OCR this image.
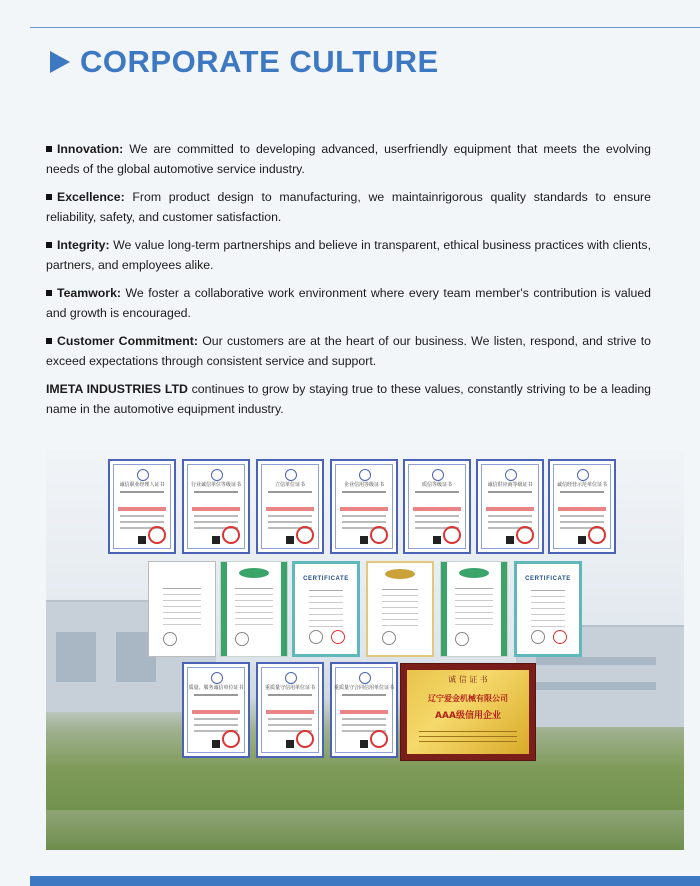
CORPORATE CULTURE

Innovation: We are committed to developing advanced, userfriendly equipment that meets the evolving needs of the global automotive service industry.

Excellence: From product design to manufacturing, we maintainrigorous quality standards to ensure reliability, safety, and customer satisfaction.

Integrity: We value long-term partnerships and believe in transparent, ethical business practices with clients, partners, and employees alike.

Teamwork: We foster a collaborative work environment where every team member's contribution is valued and growth is encouraged.

Customer Commitment: Our customers are at the heart of our business. We listen, respond, and strive to exceed expectations through consistent service and support.

IMETA INDUSTRIES LTD continues to grow by staying true to these values, constantly striving to be a leading name in the automotive equipment industry.

诚信职业经理人证书	行业诚信单位等级证书	立信单位证书	企业信用等级证书	质信等级证书	诚信供应商等级证书	诚信经营示范单位证书
CERTIFICATE	CERTIFICATE
质量、服务诚信单位证书	重质量守信用单位证书	重质量守合同信用单位证书
诚 信 证 书
辽宁爱金机械有限公司
AAA级信用企业
